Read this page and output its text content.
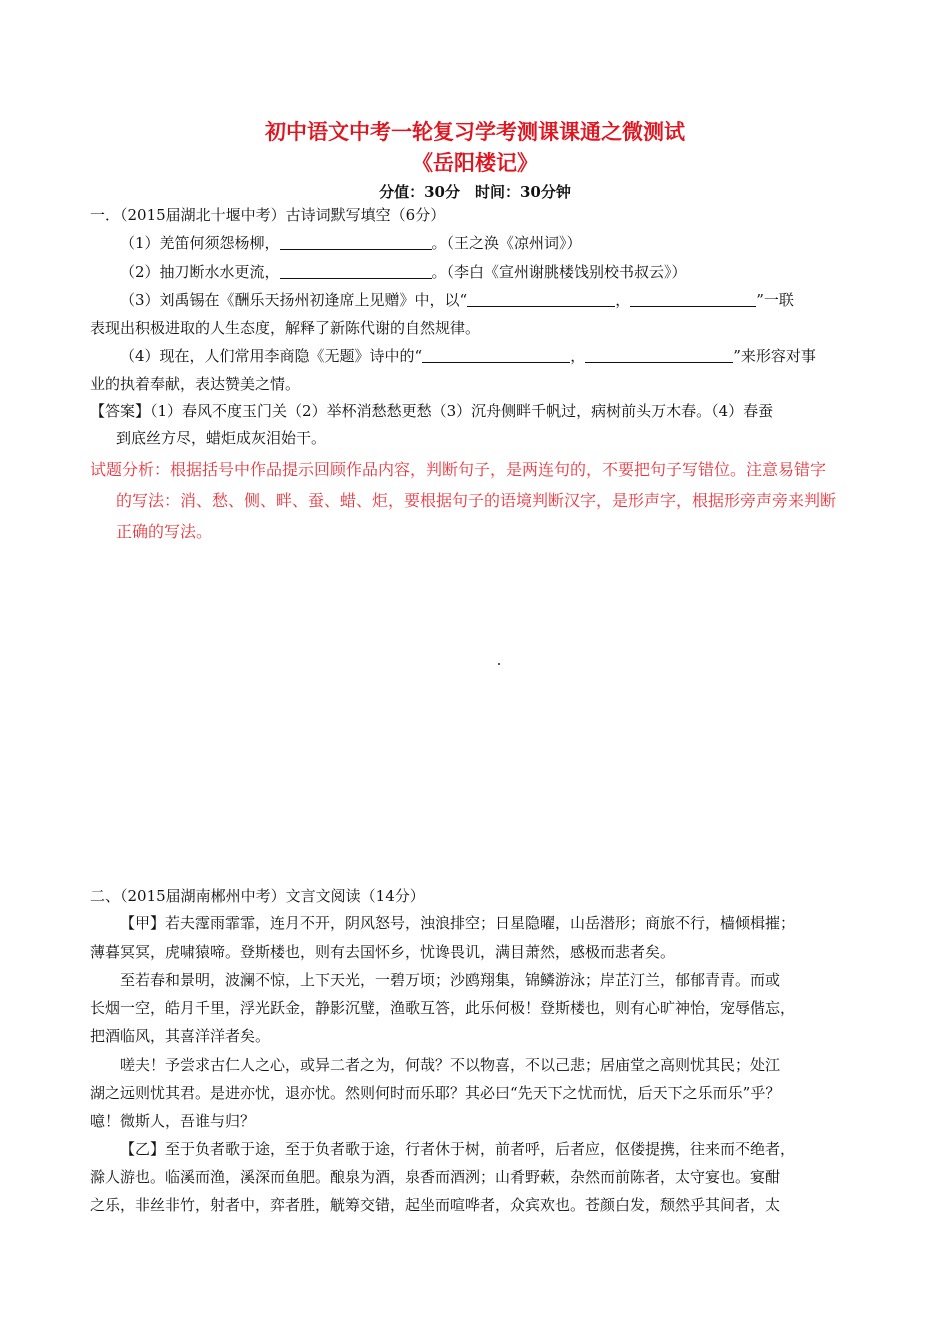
初中语文中考一轮复习学考测课课通之微测试
《岳阳楼记》
分值：30分　时间：30分钟
一．（2015届湖北十堰中考）古诗词默写填空（6分）
（1）羌笛何须怨杨柳，	。（王之涣《凉州词》）
（2）抽刀断水水更流，	。（李白《宣州谢朓楼饯别校书叔云》）
（3）刘禹锡在《酬乐天扬州初逢席上见赠》中，以“	，	”一联
表现出积极进取的人生态度，解释了新陈代谢的自然规律。
（4）现在，人们常用李商隐《无题》诗中的“	，	”来形容对事
业的执着奉献，表达赞美之情。
【答案】（1）春风不度玉门关（2）举杯消愁愁更愁（3）沉舟侧畔千帆过，病树前头万木春。（4）春蚕
到底丝方尽，蜡炬成灰泪始干。
试题分析：根据括号中作品提示回顾作品内容，判断句子，是两连句的，不要把句子写错位。注意易错字
的写法：消、愁、侧、畔、蚕、蜡、炬，要根据句子的语境判断汉字，是形声字，根据形旁声旁来判断
正确的写法。
二、（2015届湖南郴州中考）文言文阅读（14分）
【甲】若夫霪雨霏霏，连月不开，阴风怒号，浊浪排空；日星隐曜，山岳潜形；商旅不行，樯倾楫摧；
薄暮冥冥，虎啸猿啼。登斯楼也，则有去国怀乡，忧谗畏讥，满目萧然，感极而悲者矣。
至若春和景明，波澜不惊，上下天光，一碧万顷；沙鸥翔集，锦鳞游泳；岸芷汀兰，郁郁青青。而或
长烟一空，皓月千里，浮光跃金，静影沉璧，渔歌互答，此乐何极！登斯楼也，则有心旷神怡，宠辱偕忘，
把酒临风，其喜洋洋者矣。
嗟夫！予尝求古仁人之心，或异二者之为，何哉？不以物喜，不以己悲；居庙堂之高则忧其民；处江
湖之远则忧其君。是进亦忧，退亦忧。然则何时而乐耶？其必曰“先天下之忧而忧，后天下之乐而乐”乎？
噫！微斯人，吾谁与归？
【乙】至于负者歌于途，至于负者歌于途，行者休于树，前者呼，后者应，伛偻提携，往来而不绝者，
滁人游也。临溪而渔，溪深而鱼肥。酿泉为酒，泉香而酒洌；山肴野蔌，杂然而前陈者，太守宴也。宴酣
之乐，非丝非竹，射者中，弈者胜，觥筹交错，起坐而喧哗者，众宾欢也。苍颜白发，颓然乎其间者，太
